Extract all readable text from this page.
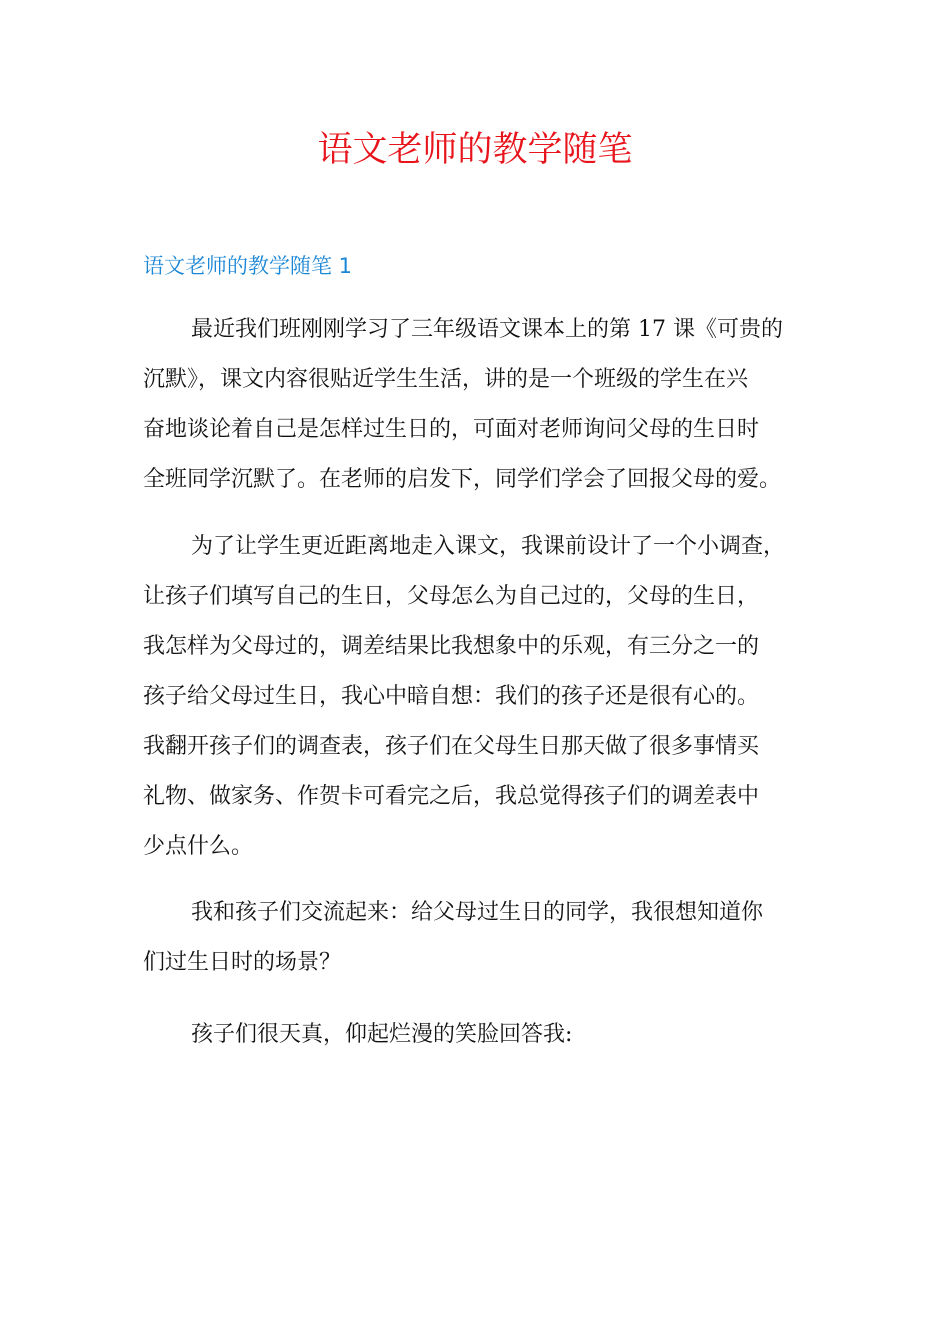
语文老师的教学随笔
语文老师的教学随笔 1

最近我们班刚刚学习了三年级语文课本上的第 17 课《可贵的
沉默》，课文内容很贴近学生生活，讲的是一个班级的学生在兴
奋地谈论着自己是怎样过生日的，可面对老师询问父母的生日时
全班同学沉默了。在老师的启发下，同学们学会了回报父母的爱。

为了让学生更近距离地走入课文，我课前设计了一个小调查，
让孩子们填写自己的生日，父母怎么为自己过的，父母的生日，
我怎样为父母过的，调差结果比我想象中的乐观，有三分之一的
孩子给父母过生日，我心中暗自想：我们的孩子还是很有心的。
我翻开孩子们的调查表，孩子们在父母生日那天做了很多事情买
礼物、做家务、作贺卡可看完之后，我总觉得孩子们的调差表中
少点什么。

我和孩子们交流起来：给父母过生日的同学，我很想知道你
们过生日时的场景？

孩子们很天真，仰起烂漫的笑脸回答我:
